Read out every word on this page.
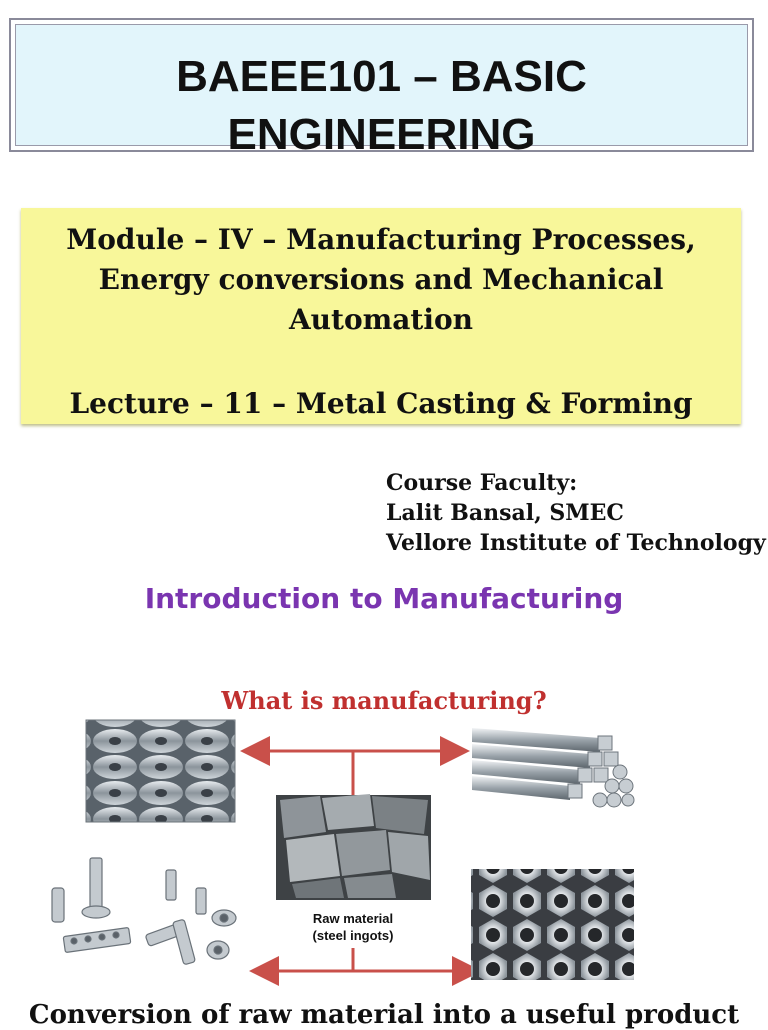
BAEEE101 – BASIC
ENGINEERING
Module – IV – Manufacturing Processes,
Energy conversions and Mechanical
Automation
Lecture – 11 – Metal Casting & Forming
Course Faculty:
Lalit Bansal, SMEC
Vellore Institute of Technology
Introduction to Manufacturing
What is manufacturing?
Raw material
(steel ingots)
Conversion of raw material into a useful product
